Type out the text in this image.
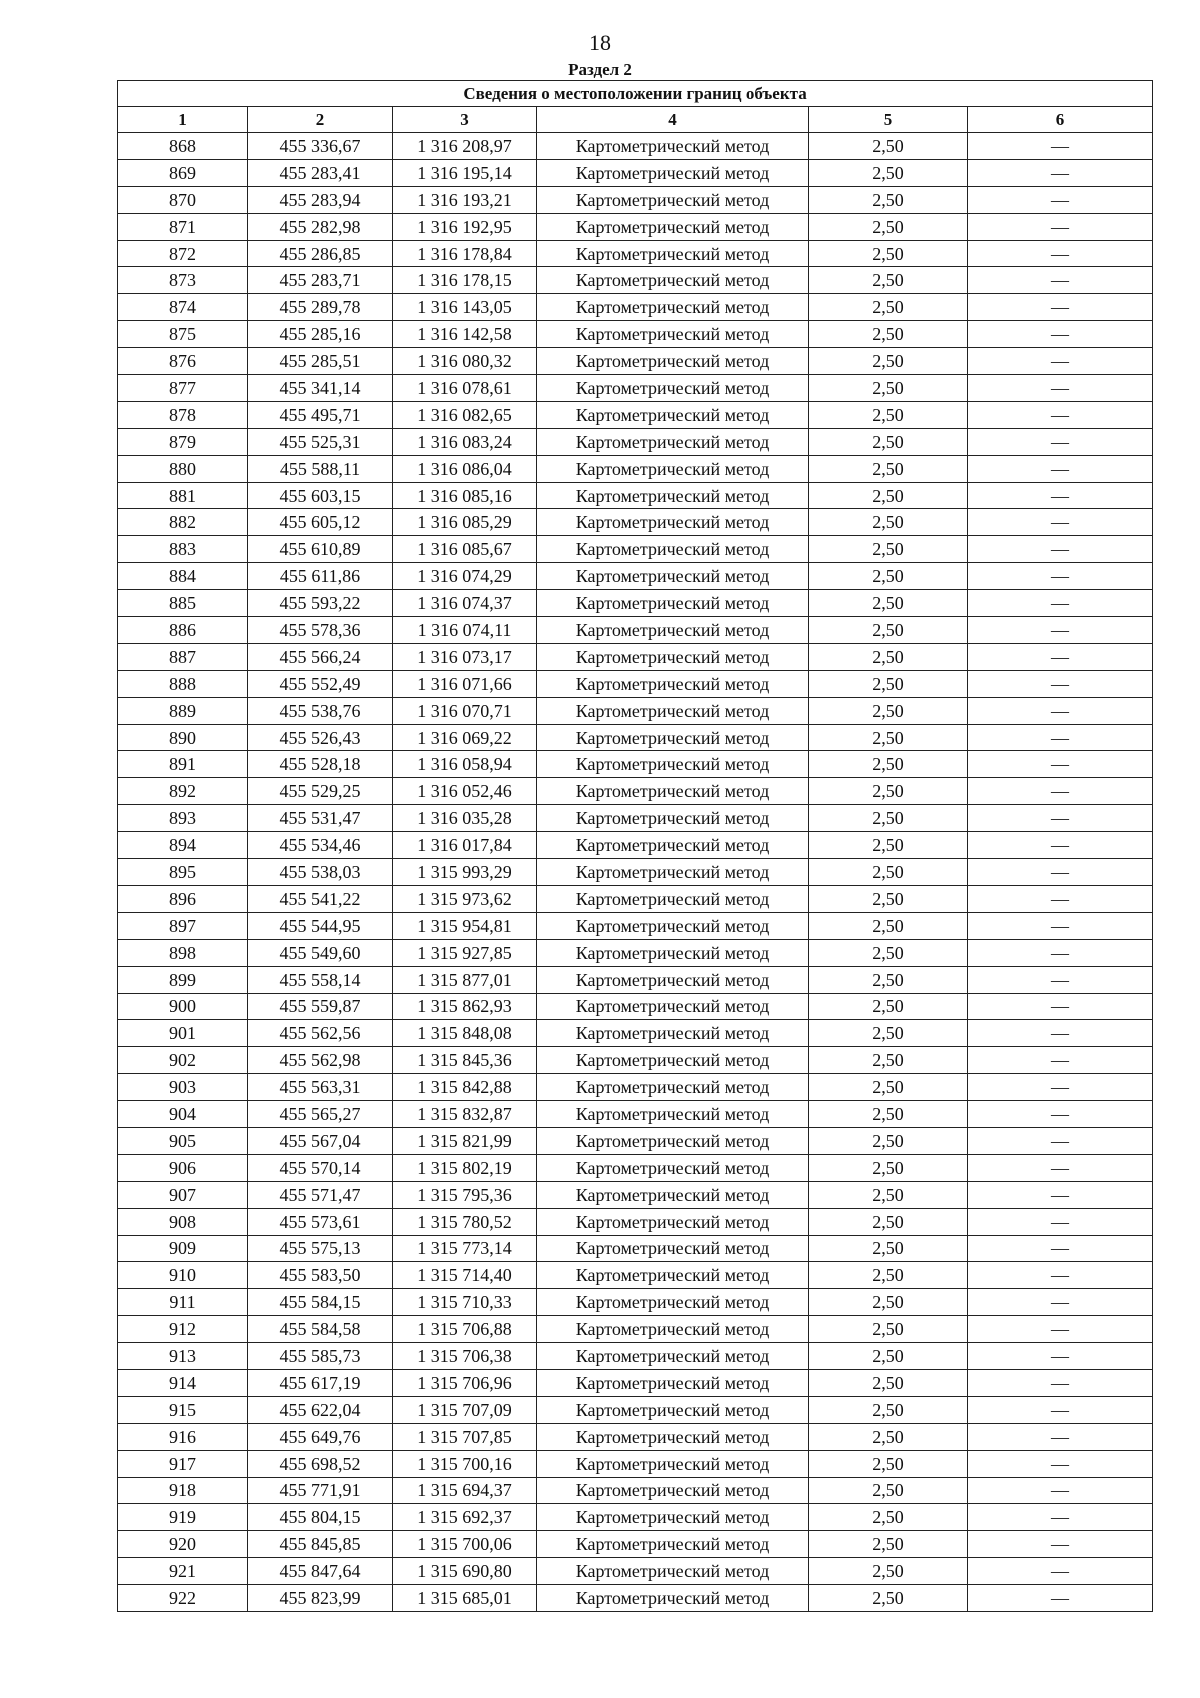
18
Раздел 2
Сведения о местоположении границ объекта					
1	2	3	4	5	6
868	455 336,67	1 316 208,97	Картометрический метод	2,50	—
869	455 283,41	1 316 195,14	Картометрический метод	2,50	—
870	455 283,94	1 316 193,21	Картометрический метод	2,50	—
871	455 282,98	1 316 192,95	Картометрический метод	2,50	—
872	455 286,85	1 316 178,84	Картометрический метод	2,50	—
873	455 283,71	1 316 178,15	Картометрический метод	2,50	—
874	455 289,78	1 316 143,05	Картометрический метод	2,50	—
875	455 285,16	1 316 142,58	Картометрический метод	2,50	—
876	455 285,51	1 316 080,32	Картометрический метод	2,50	—
877	455 341,14	1 316 078,61	Картометрический метод	2,50	—
878	455 495,71	1 316 082,65	Картометрический метод	2,50	—
879	455 525,31	1 316 083,24	Картометрический метод	2,50	—
880	455 588,11	1 316 086,04	Картометрический метод	2,50	—
881	455 603,15	1 316 085,16	Картометрический метод	2,50	—
882	455 605,12	1 316 085,29	Картометрический метод	2,50	—
883	455 610,89	1 316 085,67	Картометрический метод	2,50	—
884	455 611,86	1 316 074,29	Картометрический метод	2,50	—
885	455 593,22	1 316 074,37	Картометрический метод	2,50	—
886	455 578,36	1 316 074,11	Картометрический метод	2,50	—
887	455 566,24	1 316 073,17	Картометрический метод	2,50	—
888	455 552,49	1 316 071,66	Картометрический метод	2,50	—
889	455 538,76	1 316 070,71	Картометрический метод	2,50	—
890	455 526,43	1 316 069,22	Картометрический метод	2,50	—
891	455 528,18	1 316 058,94	Картометрический метод	2,50	—
892	455 529,25	1 316 052,46	Картометрический метод	2,50	—
893	455 531,47	1 316 035,28	Картометрический метод	2,50	—
894	455 534,46	1 316 017,84	Картометрический метод	2,50	—
895	455 538,03	1 315 993,29	Картометрический метод	2,50	—
896	455 541,22	1 315 973,62	Картометрический метод	2,50	—
897	455 544,95	1 315 954,81	Картометрический метод	2,50	—
898	455 549,60	1 315 927,85	Картометрический метод	2,50	—
899	455 558,14	1 315 877,01	Картометрический метод	2,50	—
900	455 559,87	1 315 862,93	Картометрический метод	2,50	—
901	455 562,56	1 315 848,08	Картометрический метод	2,50	—
902	455 562,98	1 315 845,36	Картометрический метод	2,50	—
903	455 563,31	1 315 842,88	Картометрический метод	2,50	—
904	455 565,27	1 315 832,87	Картометрический метод	2,50	—
905	455 567,04	1 315 821,99	Картометрический метод	2,50	—
906	455 570,14	1 315 802,19	Картометрический метод	2,50	—
907	455 571,47	1 315 795,36	Картометрический метод	2,50	—
908	455 573,61	1 315 780,52	Картометрический метод	2,50	—
909	455 575,13	1 315 773,14	Картометрический метод	2,50	—
910	455 583,50	1 315 714,40	Картометрический метод	2,50	—
911	455 584,15	1 315 710,33	Картометрический метод	2,50	—
912	455 584,58	1 315 706,88	Картометрический метод	2,50	—
913	455 585,73	1 315 706,38	Картометрический метод	2,50	—
914	455 617,19	1 315 706,96	Картометрический метод	2,50	—
915	455 622,04	1 315 707,09	Картометрический метод	2,50	—
916	455 649,76	1 315 707,85	Картометрический метод	2,50	—
917	455 698,52	1 315 700,16	Картометрический метод	2,50	—
918	455 771,91	1 315 694,37	Картометрический метод	2,50	—
919	455 804,15	1 315 692,37	Картометрический метод	2,50	—
920	455 845,85	1 315 700,06	Картометрический метод	2,50	—
921	455 847,64	1 315 690,80	Картометрический метод	2,50	—
922	455 823,99	1 315 685,01	Картометрический метод	2,50	—
